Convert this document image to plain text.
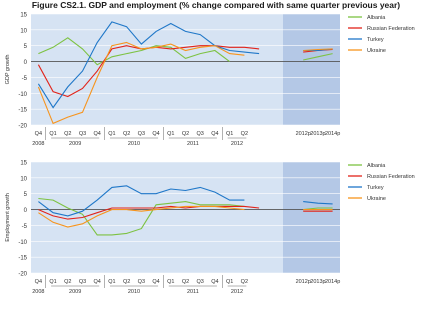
Figure CS2.1. GDP and employment (% change compared with same quarter previous year)
-20
-15
-10
-5
0
5
10
15
GDP growth
Q4 Q1 Q2 Q3 Q4 Q1 Q2 Q3 Q4 Q1 Q2 Q3 Q4 Q1 Q2	2012p 2013p 2014p
2008	2009	2010	2011	2012
Albania
Russian Federation
Turkey
Ukraine
-20
-15
-10
-5
0
5
10
15
Employment growth
Q4 Q1 Q2 Q3 Q4 Q1 Q2 Q3 Q4 Q1 Q2 Q3 Q4 Q1 Q2	2012p 2013p 2014p
2008	2009	2010	2011	2012
Albania
Russian Federation
Turkey
Ukraine
